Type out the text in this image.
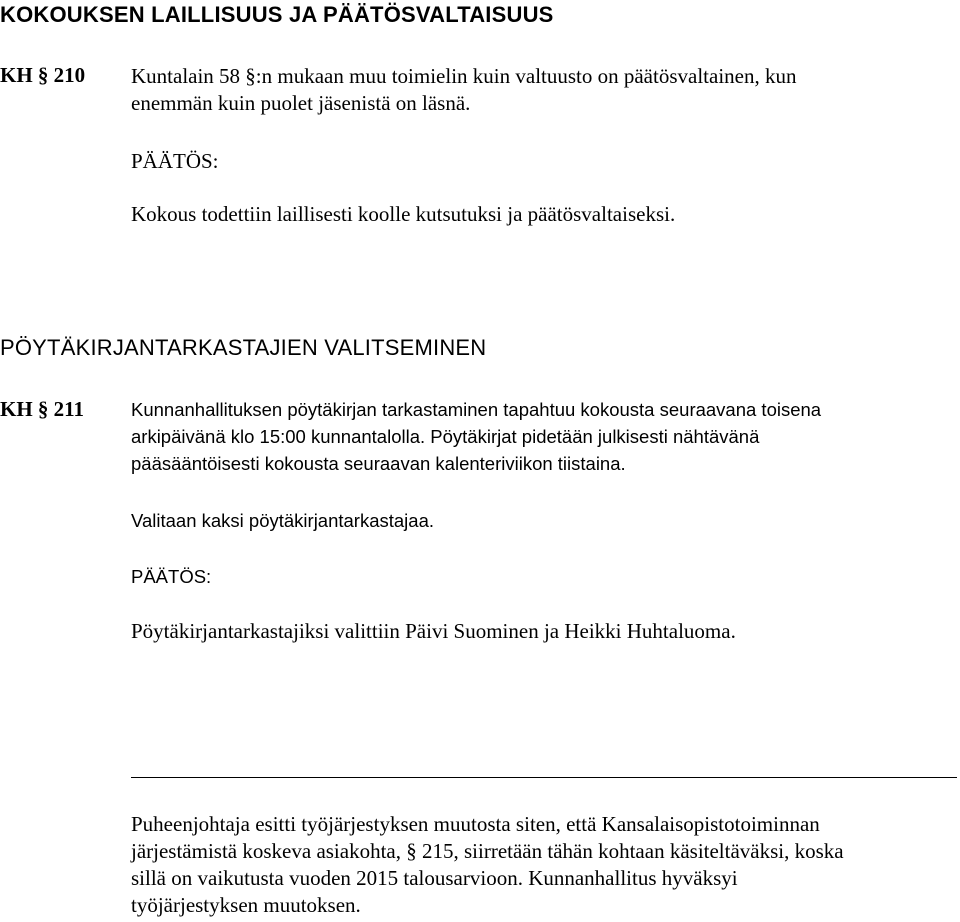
KOKOUKSEN LAILLISUUS JA PÄÄTÖSVALTAISUUS
KH § 210 Kuntalain 58 §:n mukaan muu toimielin kuin valtuusto on päätösvaltainen, kun
enemmän kuin puolet jäsenistä on läsnä.
PÄÄTÖS:
Kokous todettiin laillisesti koolle kutsutuksi ja päätösvaltaiseksi.
PÖYTÄKIRJANTARKASTAJIEN VALITSEMINEN
KH § 211	Kunnanhallituksen pöytäkirjan tarkastaminen tapahtuu kokousta seuraavana toisena
arkipäivänä klo 15:00 kunnantalolla. Pöytäkirjat pidetään julkisesti nähtävänä
pääsääntöisesti kokousta seuraavan kalenteriviikon tiistaina.
Valitaan kaksi pöytäkirjantarkastajaa.
PÄÄTÖS:
Pöytäkirjantarkastajiksi valittiin Päivi Suominen ja Heikki Huhtaluoma.
Puheenjohtaja esitti työjärjestyksen muutosta siten, että Kansalaisopistotoiminnan
järjestämistä koskeva asiakohta, § 215, siirretään tähän kohtaan käsiteltäväksi, koska
sillä on vaikutusta vuoden 2015 talousarvioon. Kunnanhallitus hyväksyi
työjärjestyksen muutoksen.
